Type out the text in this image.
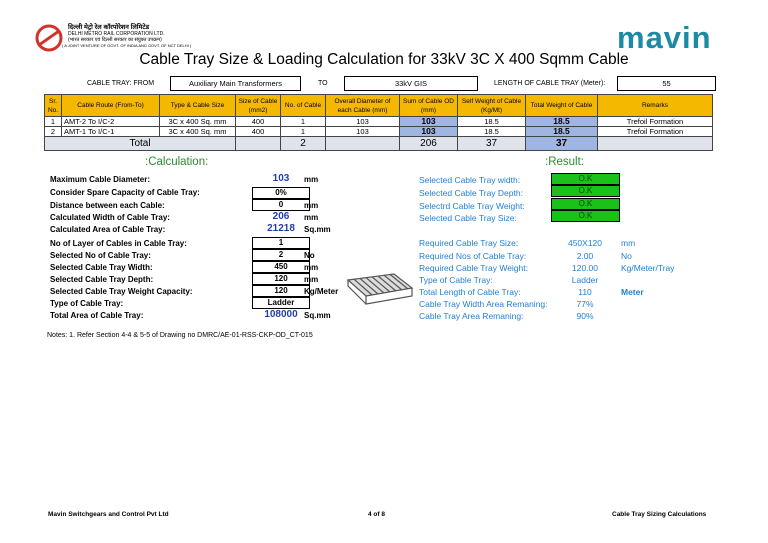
दिल्ली मेट्रो रेल कॉरपोरेशन लिमिटेड
DELHI METRO RAIL CORPORATION LTD.
(भारत सरकार एवं दिल्ली सरकार का संयुक्त उपक्रम)
( A JOINT VENTURE OF GOVT. OF INDIA AND GOVT. OF NCT DELHI )	mavin
Cable Tray Size & Loading Calculation for 33kV 3C X 400 Sqmm Cable
CABLE TRAY: FROM	Auxiliary Main Transformers	TO	33kV GIS	LENGTH OF CABLE TRAY (Meter):	55
Sr. No.	Cable Route (From-To)	Type & Cable Size	Size of Cable (mm2)	No. of Cable	Overall Diameter of each Cable (mm)	Sum of Cable OD (mm)	Self Weight of Cable (Kg/Mt)	Total Weight of Cable	Remarks
1	AMT-2 To I/C-2	3C x 400 Sq. mm	400	1	103	103	18.5	18.5	Trefoil Formation
2	AMT-1 To I/C-1	3C x 400 Sq. mm	400	1	103	103	18.5	18.5	Trefoil Formation
Total				2		206	37	37	
:Calculation:	:Result:
Maximum Cable Diameter:	103	mm
Consider Spare Capacity of Cable Tray:	0%
Distance between each Cable:	0	mm
Calculated Width of Cable Tray:	206	mm
Calculated Area of Cable Tray:	21218	Sq.mm
No of Layer of Cables in Cable Tray:	1
Selected No of Cable Tray:	2	No
Selected Cable Tray Width:	450	mm
Selected Cable Tray Depth:	120	mm
Selected Cable Tray Weight Capacity:	120	Kg/Meter
Type of Cable Tray:	Ladder
Total Area of Cable Tray:	108000 Sq.mm
Selected Cable Tray width:	O.K
Selected Cable Tray Depth:	O.K
Selectrd Cable Tray Weight:	O.K
Selected Cable Tray Size:	O.K
Required Cable Tray Size:	450X120	mm
Required Nos of Cable Tray:	2.00	No
Required Cable Tray Weight:	120.00	Kg/Meter/Tray
Type of Cable Tray:	Ladder
Total Length of Cable Tray:	110	Meter
Cable Tray Width Area Remaning:	77%
Cable Tray Area Remaning:	90%
Notes: 1. Refer Section 4-4 & 5-5 of Drawing no DMRC/AE-01-RSS-CKP-OD_CT-015
Mavin Switchgears and Control Pvt Ltd	4 of 8	Cable Tray Sizing Calculations
